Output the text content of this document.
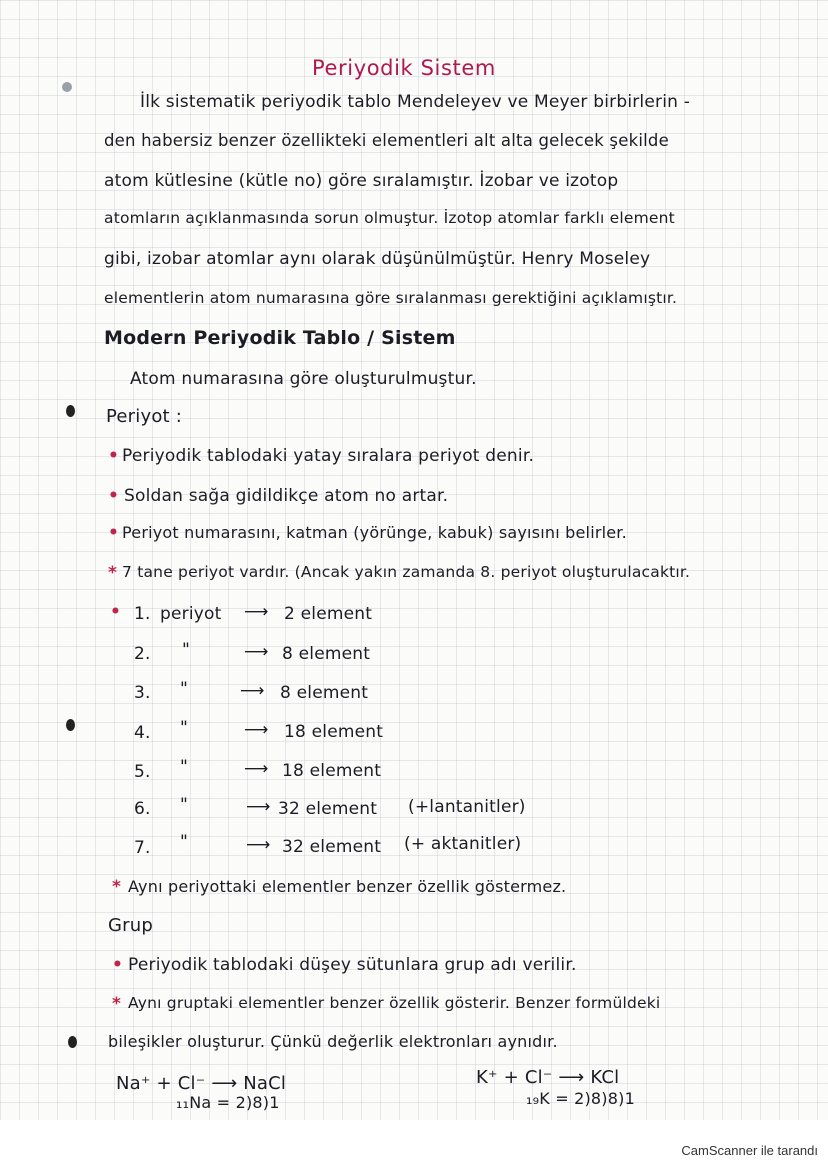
Periyodik Sistem
İlk sistematik periyodik tablo Mendeleyev ve Meyer birbirlerin -
den habersiz benzer özellikteki elementleri alt alta gelecek şekilde
atom kütlesine (kütle no) göre sıralamıştır. İzobar ve izotop
atomların açıklanmasında sorun olmuştur. İzotop atomlar farklı element
gibi, izobar atomlar aynı olarak düşünülmüştür. Henry Moseley
elementlerin atom numarasına göre sıralanması gerektiğini açıklamıştır.
Modern Periyodik Tablo / Sistem
Atom numarasına göre oluşturulmuştur.
Periyot :
• Periyodik tablodaki yatay sıralara periyot denir.
• Soldan sağa gidildikçe atom no artar.
• Periyot numarasını, katman (yörünge, kabuk) sayısını belirler.
* 7 tane periyot vardır. (Ancak yakın zamanda 8. periyot oluşturulacaktır.
• 1. periyot ⟶ 2 element
2. "	⟶ 8 element
3. "	⟶ 8 element
4. "	⟶ 18 element
5. "	⟶ 18 element
6. "	⟶ 32 element (+lantanitler)
7. "	⟶ 32 element (+ aktanitler)
* Aynı periyottaki elementler benzer özellik göstermez.
Grup
• Periyodik tablodaki düşey sütunlara grup adı verilir.
* Aynı gruptaki elementler benzer özellik gösterir. Benzer formüldeki
bileşikler oluşturur. Çünkü değerlik elektronları aynıdır.
Na⁺ + Cl⁻ ⟶ NaCl
₁₁Na = 2)8)1
K⁺ + Cl⁻ ⟶ KCl
₁₉K = 2)8)8)1
CamScanner ile tarandı
